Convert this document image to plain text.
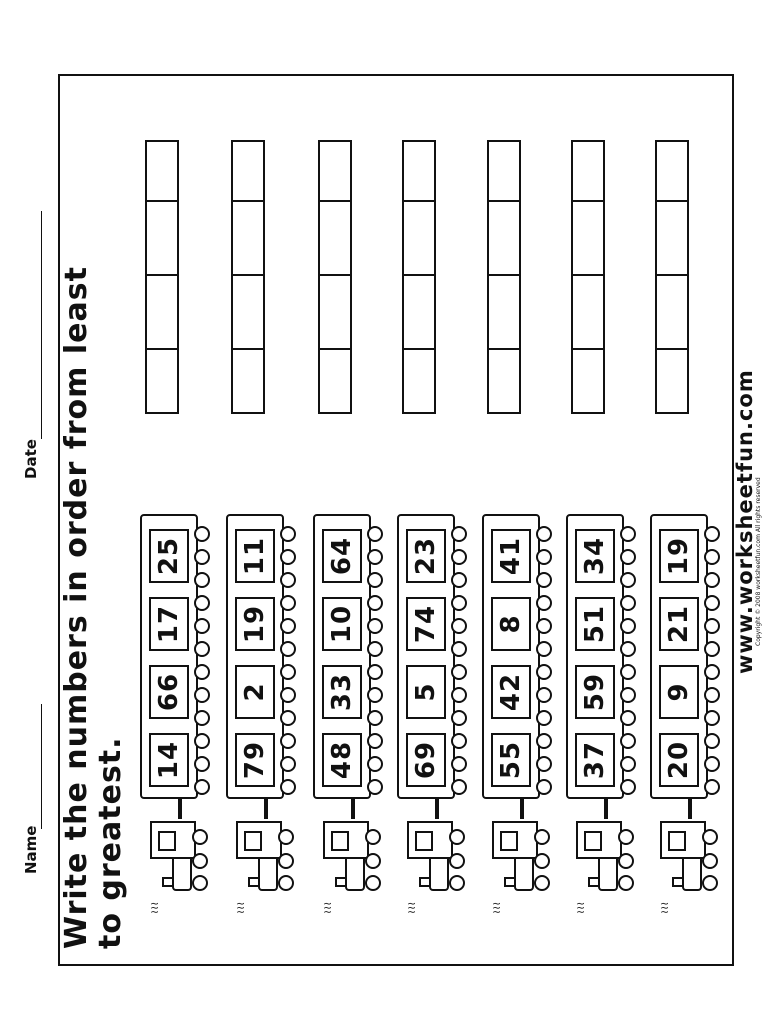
Name
Date Write the numbers in order from least to greatest. ≀≀≀
14
66
17
25
≀≀≀
79
2
19
11
≀≀≀
48
33
10
64
≀≀≀
69
5
74
23
≀≀≀
55
42
8
41
≀≀≀
37
59
51
34
≀≀≀
20
9
21
19 www.worksheetfun.com
Copyright © 2008 worksheetfun.com All rights reserved
